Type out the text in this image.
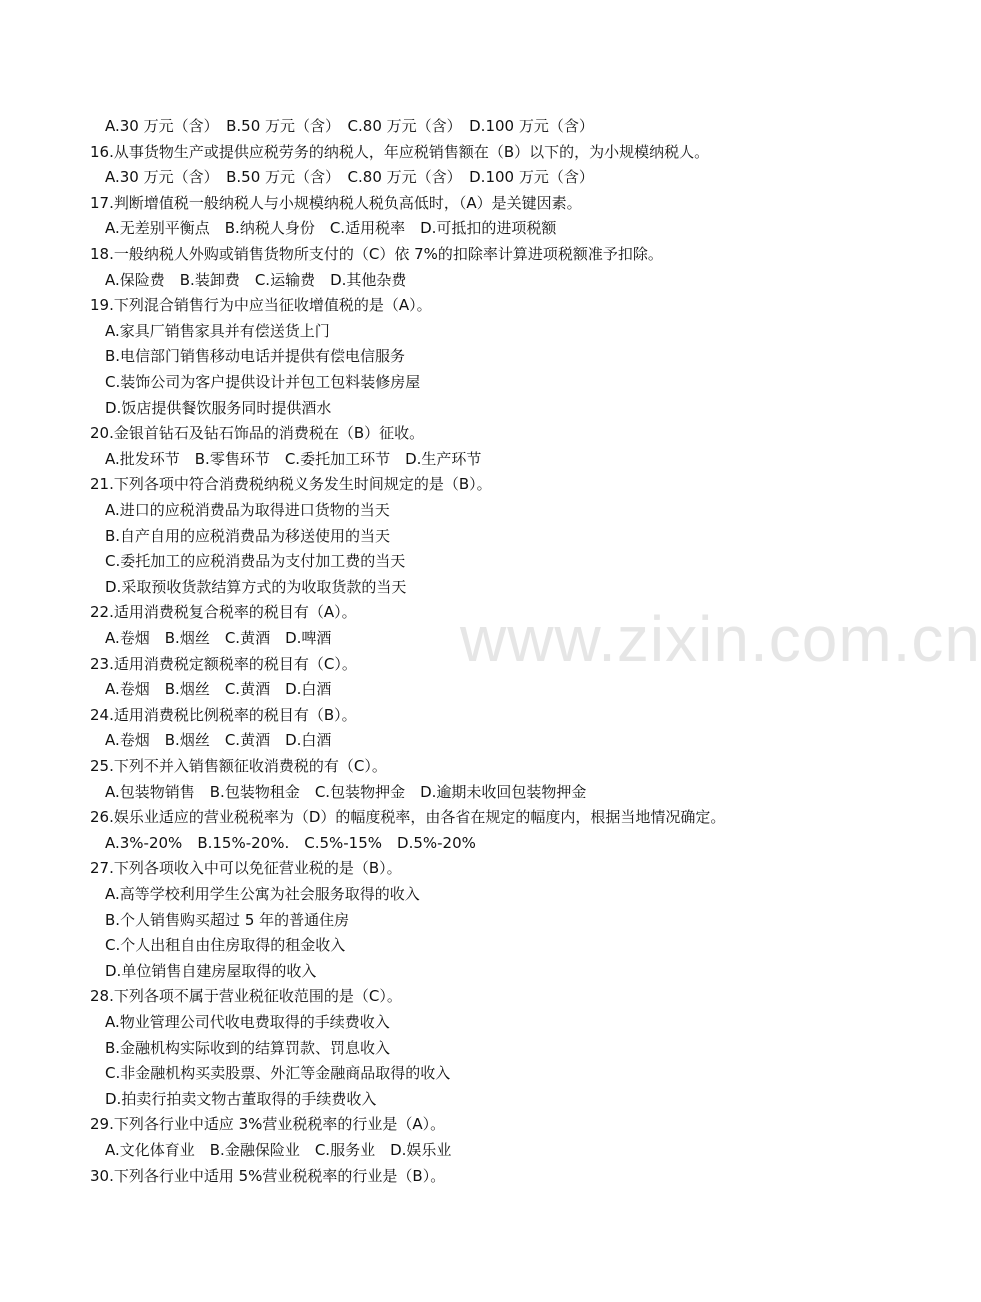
www.zixin.com.cn
A.30 万元（含）　B.50 万元（含）　C.80 万元（含）　D.100 万元（含）
16.从事货物生产或提供应税劳务的纳税人，年应税销售额在（B）以下的，为小规模纳税人。
A.30 万元（含）　B.50 万元（含）　C.80 万元（含）　D.100 万元（含）
17.判断增值税一般纳税人与小规模纳税人税负高低时，（A）是关键因素。
A.无差别平衡点　B.纳税人身份　C.适用税率　D.可抵扣的进项税额
18.一般纳税人外购或销售货物所支付的（C）依 7%的扣除率计算进项税额准予扣除。
A.保险费　B.装卸费　C.运输费　D.其他杂费
19.下列混合销售行为中应当征收增值税的是（A）。
A.家具厂销售家具并有偿送货上门
B.电信部门销售移动电话并提供有偿电信服务
C.装饰公司为客户提供设计并包工包料装修房屋
D.饭店提供餐饮服务同时提供酒水
20.金银首钻石及钻石饰品的消费税在（B）征收。
A.批发环节　B.零售环节　C.委托加工环节　D.生产环节
21.下列各项中符合消费税纳税义务发生时间规定的是（B）。
A.进口的应税消费品为取得进口货物的当天
B.自产自用的应税消费品为移送使用的当天
C.委托加工的应税消费品为支付加工费的当天
D.采取预收货款结算方式的为收取货款的当天
22.适用消费税复合税率的税目有（A）。
A.卷烟　B.烟丝　C.黄酒　D.啤酒
23.适用消费税定额税率的税目有（C）。
A.卷烟　B.烟丝　C.黄酒　D.白酒
24.适用消费税比例税率的税目有（B）。
A.卷烟　B.烟丝　C.黄酒　D.白酒
25.下列不并入销售额征收消费税的有（C）。
A.包装物销售　B.包装物租金　C.包装物押金　D.逾期未收回包装物押金
26.娱乐业适应的营业税税率为（D）的幅度税率，由各省在规定的幅度内，根据当地情况确定。
A.3%-20%　B.15%-20%.　C.5%-15%　D.5%-20%
27.下列各项收入中可以免征营业税的是（B）。
A.高等学校利用学生公寓为社会服务取得的收入
B.个人销售购买超过 5 年的普通住房
C.个人出租自由住房取得的租金收入
D.单位销售自建房屋取得的收入
28.下列各项不属于营业税征收范围的是（C）。
A.物业管理公司代收电费取得的手续费收入
B.金融机构实际收到的结算罚款、罚息收入
C.非金融机构买卖股票、外汇等金融商品取得的收入
D.拍卖行拍卖文物古董取得的手续费收入
29.下列各行业中适应 3%营业税税率的行业是（A）。
A.文化体育业　B.金融保险业　C.服务业　D.娱乐业
30.下列各行业中适用 5%营业税税率的行业是（B）。
